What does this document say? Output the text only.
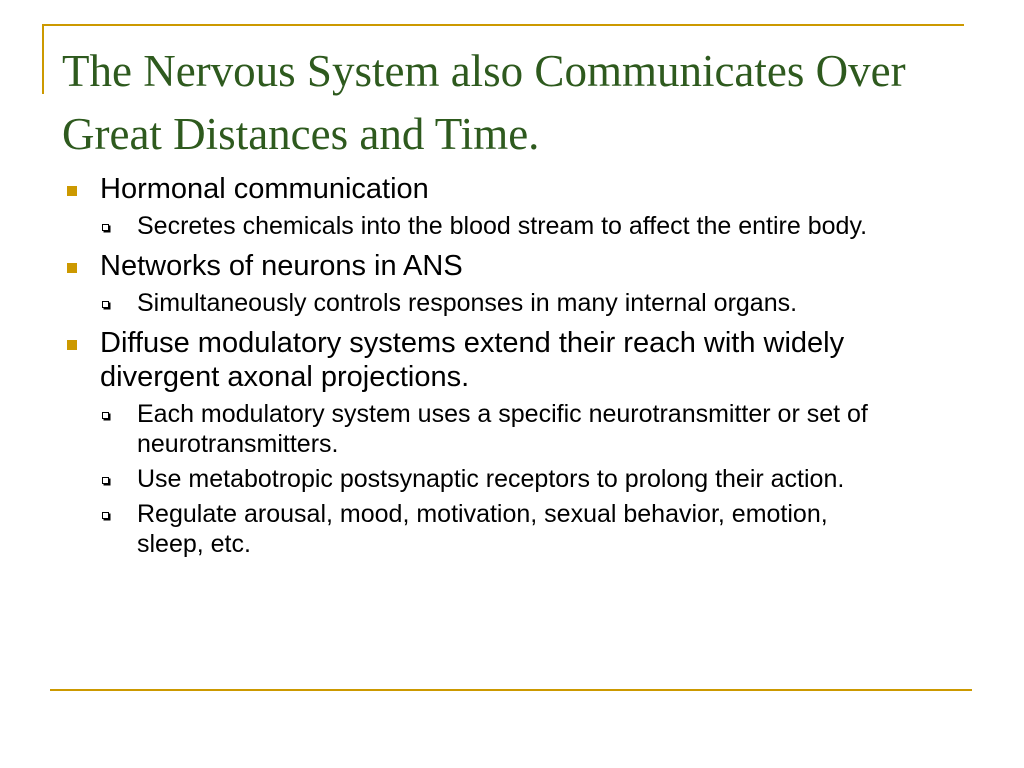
The Nervous System also Communicates Over Great Distances and Time.
Hormonal communication
Secretes chemicals into the blood stream to affect the entire body.
Networks of neurons in ANS
Simultaneously controls responses in many internal organs.
Diffuse modulatory systems extend their reach with widely divergent axonal projections.
Each modulatory system uses a specific neurotransmitter or set of neurotransmitters.
Use metabotropic postsynaptic receptors to prolong their action.
Regulate arousal, mood, motivation, sexual behavior, emotion, sleep, etc.
